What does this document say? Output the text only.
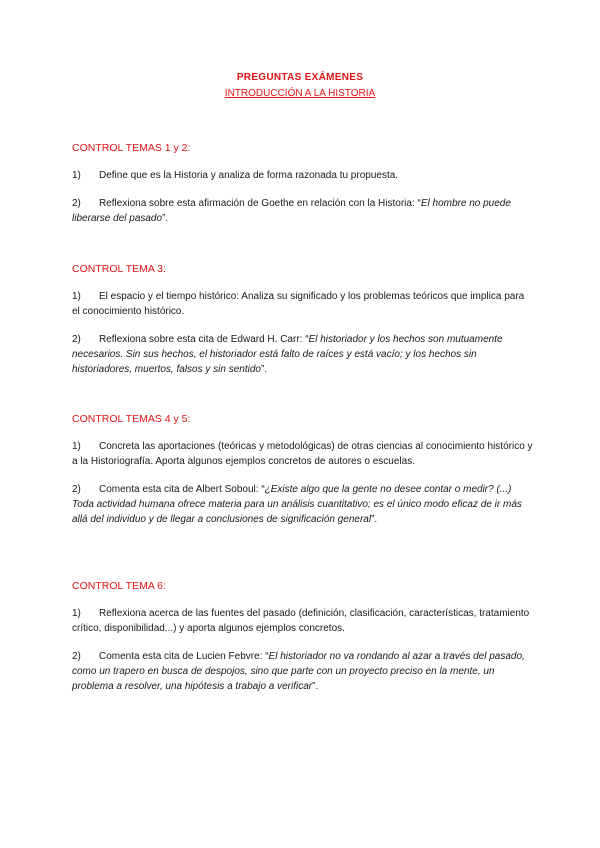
PREGUNTAS EXÁMENES
INTRODUCCIÓN A LA HISTORIA
CONTROL TEMAS 1 y 2:

1) Define que es la Historia y analiza de forma razonada tu propuesta.

2) Reflexiona sobre esta afirmación de Goethe en relación con la Historia: “El hombre no puede liberarse del pasado”.

CONTROL TEMA 3:

1) El espacio y el tiempo histórico: Analiza su significado y los problemas teóricos que implica para el conocimiento histórico.

2) Reflexiona sobre esta cita de Edward H. Carr: “El historiador y los hechos son mutuamente necesarios. Sin sus hechos, el historiador está falto de raíces y está vacío; y los hechos sin historiadores, muertos, falsos y sin sentido”.

CONTROL TEMAS 4 y 5:

1) Concreta las aportaciones (teóricas y metodológicas) de otras ciencias al conocimiento histórico y a la Historiografía. Aporta algunos ejemplos concretos de autores o escuelas.

2) Comenta esta cita de Albert Soboul: “¿Existe algo que la gente no desee contar o medir? (...) Toda actividad humana ofrece materia para un análisis cuantitativo; es el único modo eficaz de ir más allá del individuo y de llegar a conclusiones de significación general”.

CONTROL TEMA 6:

1) Reflexiona acerca de las fuentes del pasado (definición, clasificación, características, tratamiento crítico, disponibilidad...) y aporta algunos ejemplos concretos.

2) Comenta esta cita de Lucien Febvre: “El historiador no va rondando al azar a través del pasado, como un trapero en busca de despojos, sino que parte con un proyecto preciso en la mente, un problema a resolver, una hipótesis a trabajo a verificar”.
